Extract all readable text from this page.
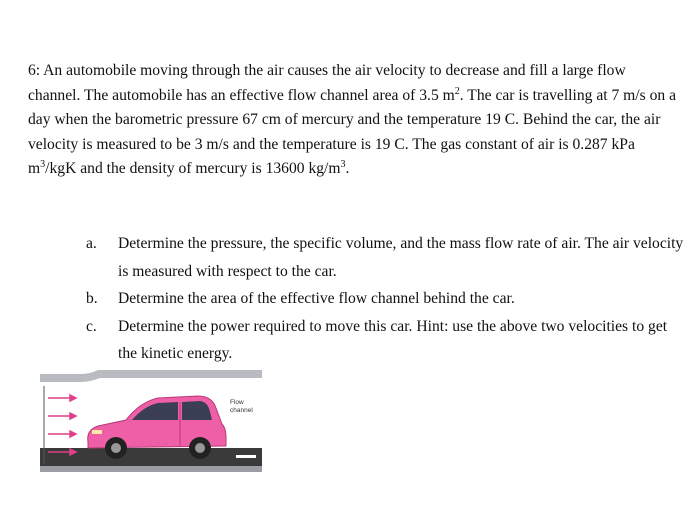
6: An automobile moving through the air causes the air velocity to decrease and fill a large flow channel. The automobile has an effective flow channel area of 3.5 $m^2$. The car is travelling at 7 m/s on a day when the barometric pressure 67 cm of mercury and the temperature 19 C. Behind the car, the air velocity is measured to be 3 m/s and the temperature is 19 C. The gas constant of air is 0.287 kPa $m^3$/kgK and the density of mercury is 13600 $kg/m^3$.

a.	Determine the pressure, the specific volume, and the mass flow rate of air. The air velocity is measured with respect to the car.
b.	Determine the area of the effective flow channel behind the car.
c.	Determine the power required to move this car. Hint: use the above two velocities to get the kinetic energy.
Flow
channel
